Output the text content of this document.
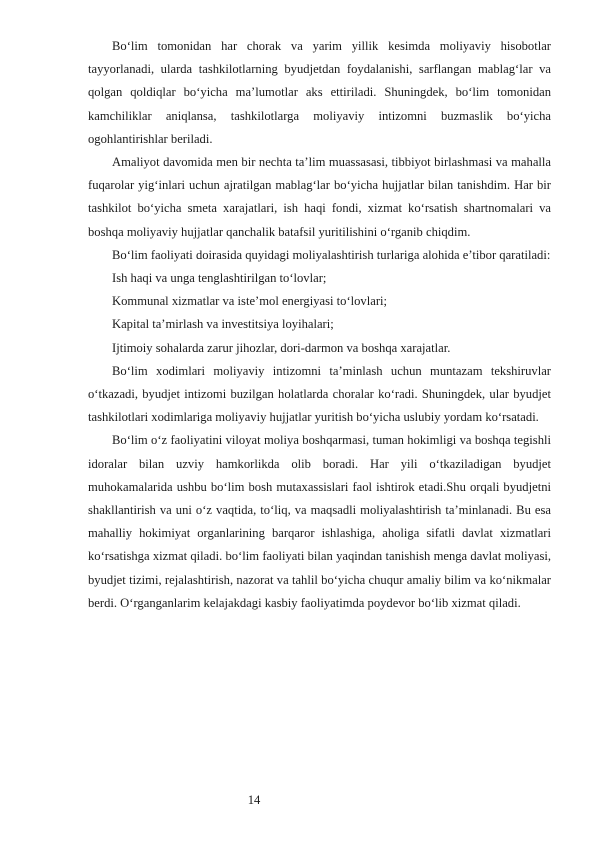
Bo‘lim tomonidan har chorak va yarim yillik kesimda moliyaviy hisobotlar tayyorlanadi, ularda tashkilotlarning byudjetdan foydalanishi, sarflangan mablag‘lar va qolgan qoldiqlar bo‘yicha ma’lumotlar aks ettiriladi. Shuningdek, bo‘lim tomonidan kamchiliklar aniqlansa, tashkilotlarga moliyaviy intizomni buzmaslik bo‘yicha ogohlantirishlar beriladi.

Amaliyot davomida men bir nechta ta’lim muassasasi, tibbiyot birlashmasi va mahalla fuqarolar yig‘inlari uchun ajratilgan mablag‘lar bo‘yicha hujjatlar bilan tanishdim. Har bir tashkilot bo‘yicha smeta xarajatlari, ish haqi fondi, xizmat ko‘rsatish shartnomalari va boshqa moliyaviy hujjatlar qanchalik batafsil yuritilishini o‘rganib chiqdim.

Bo‘lim faoliyati doirasida quyidagi moliyalashtirish turlariga alohida e’tibor qaratiladi:

Ish haqi va unga tenglashtirilgan to‘lovlar;

Kommunal xizmatlar va iste’mol energiyasi to‘lovlari;

Kapital ta’mirlash va investitsiya loyihalari;

Ijtimoiy sohalarda zarur jihozlar, dori-darmon va boshqa xarajatlar.

Bo‘lim xodimlari moliyaviy intizomni ta’minlash uchun muntazam tekshiruvlar o‘tkazadi, byudjet intizomi buzilgan holatlarda choralar ko‘radi. Shuningdek, ular byudjet tashkilotlari xodimlariga moliyaviy hujjatlar yuritish bo‘yicha uslubiy yordam ko‘rsatadi.

Bo‘lim o‘z faoliyatini viloyat moliya boshqarmasi, tuman hokimligi va boshqa tegishli idoralar bilan uzviy hamkorlikda olib boradi. Har yili o‘tkaziladigan byudjet muhokamalarida ushbu bo‘lim bosh mutaxassislari faol ishtirok etadi.Shu orqali byudjetni shakllantirish va uni o‘z vaqtida, to‘liq, va maqsadli moliyalashtirish ta’minlanadi. Bu esa mahalliy hokimiyat organlarining barqaror ishlashiga, aholiga sifatli davlat xizmatlari ko‘rsatishga xizmat qiladi. bo‘lim faoliyati bilan yaqindan tanishish menga davlat moliyasi, byudjet tizimi, rejalashtirish, nazorat va tahlil bo‘yicha chuqur amaliy bilim va ko‘nikmalar berdi. O‘rganganlarim kelajakdagi kasbiy faoliyatimda poydevor bo‘lib xizmat qiladi.

14
